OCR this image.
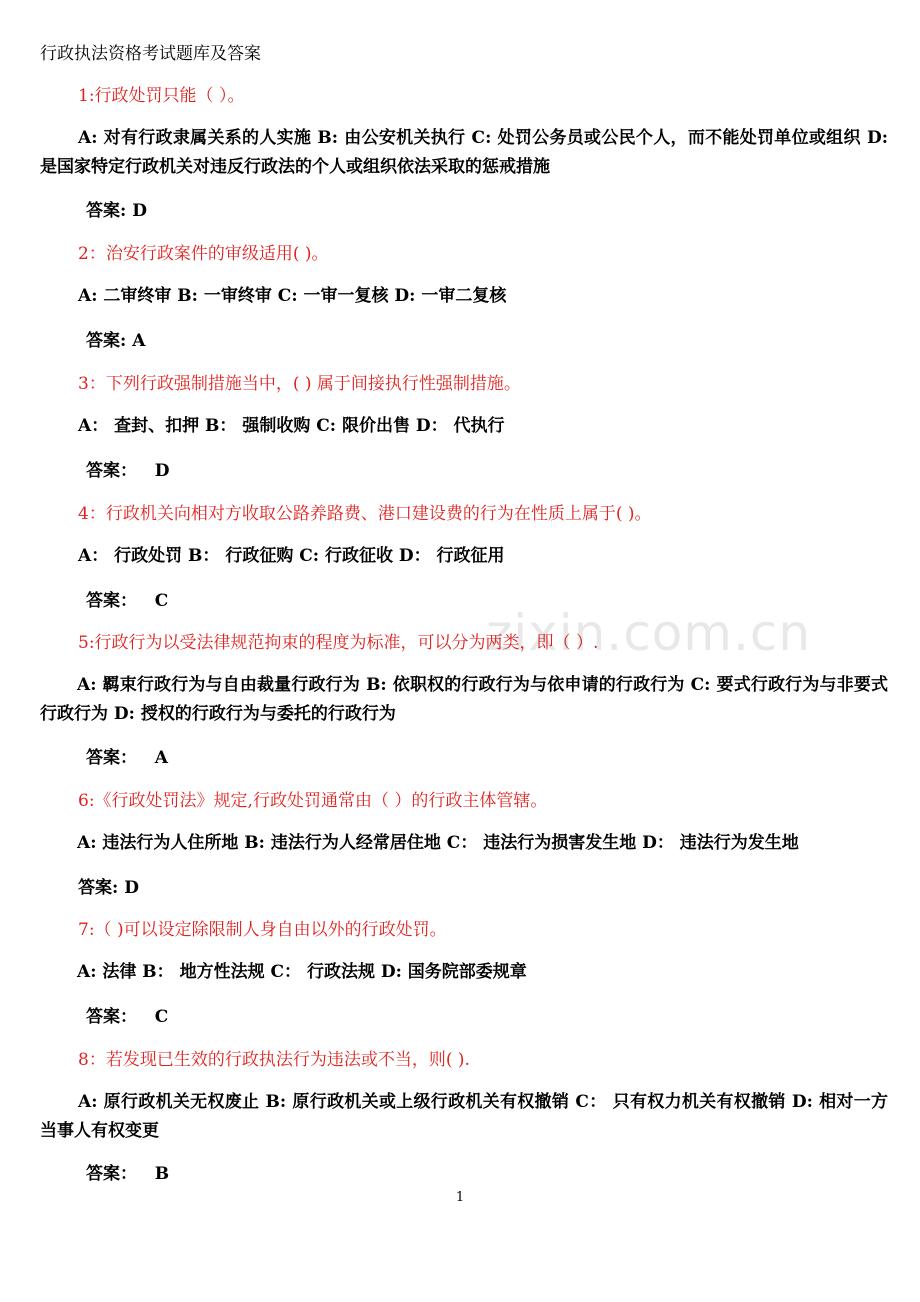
行政执法资格考试题库及答案
1:行政处罚只能（ ）。
A: 对有行政隶属关系的人实施 B: 由公安机关执行 C: 处罚公务员或公民个人，而不能处罚单位或组织 D: 是国家特定行政机关对违反行政法的个人或组织依法采取的惩戒措施
答案: D
2：治安行政案件的审级适用( )。
A: 二审终审 B: 一审终审 C: 一审一复核 D: 一审二复核
答案: A
3：下列行政强制措施当中，( ) 属于间接执行性强制措施。
A： 查封、扣押 B： 强制收购 C: 限价出售 D： 代执行
答案：   D
4：行政机关向相对方收取公路养路费、港口建设费的行为在性质上属于( )。
A： 行政处罚 B： 行政征购 C: 行政征收 D： 行政征用
答案：   C
5:行政行为以受法律规范拘束的程度为标准，可以分为两类，即（ ）.
A: 羁束行政行为与自由裁量行政行为 B: 依职权的行政行为与依申请的行政行为 C: 要式行政行为与非要式行政行为 D: 授权的行政行为与委托的行政行为
答案：   A
6:《行政处罚法》规定,行政处罚通常由（ ）的行政主体管辖。
A: 违法行为人住所地 B: 违法行为人经常居住地 C： 违法行为损害发生地 D： 违法行为发生地
答案: D
7:（ )可以设定除限制人身自由以外的行政处罚。
A: 法律 B： 地方性法规 C： 行政法规 D: 国务院部委规章
答案：   C
8：若发现已生效的行政执法行为违法或不当，则( ).
A: 原行政机关无权废止 B: 原行政机关或上级行政机关有权撤销 C： 只有权力机关有权撤销 D: 相对一方当事人有权变更
答案：   B
zixin.com.cn
1
